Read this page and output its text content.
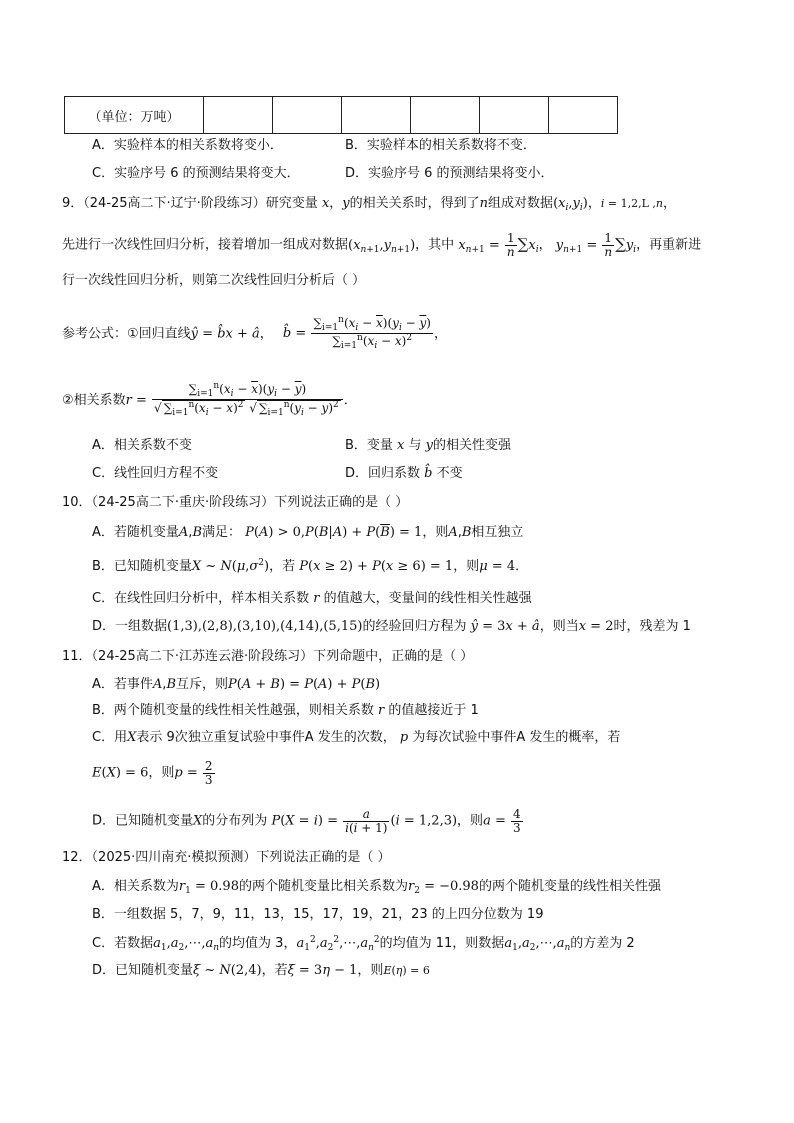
（单位：万吨）						
A．实验样本的相关系数将变小．	B．实验样本的相关系数将不变．
C．实验序号 6 的预测结果将变大．	D．实验序号 6 的预测结果将变小．
9．（24-25高二下·辽宁·阶段练习）研究变量 x，y的相关关系时，得到了n组成对数据$(x_i,y_i)$，i = 1,2,L ,n，
先进行一次线性回归分析，接着增加一组成对数据$(x_{n+1},y_{n+1})$，其中 $x_{n+1} = \frac{1}{n} \sum x_i$， $y_{n+1} = \frac{1}{n} \sum y_i$，再重新进
行一次线性回归分析，则第二次线性回归分析后（ ）
参考公式：①回归直线ŷ = b̂x + â， b̂ = $\frac{\sum_{i=1}^n(x_i - \overline{x})(y_i - \overline{y})}{\sum_{i=1}^n(x_i - \overline{x})^2}$ ，
②相关系数$r = \frac{\sum_{i=1}^n(x_i - \overline{x})(y_i - \overline{y})}{√ \sum_{i=1}^n(x_i - \overline{x})^2 √ \sum_{i=1}^n(y_i - \overline{y})^2}$ ．
A．相关系数不变	B．变量 x 与 y的相关性变强
C．线性回归方程不变	D．回归系数 b̂ 不变
10．（24-25高二下·重庆·阶段练习）下列说法正确的是（ ）
A．若随机变量A,B满足： $P(A) > 0,P(B|A) + P(\overline{B}) = 1$，则A,B相互独立
B．已知随机变量X ~ $N(\mu,\sigma^2)$，若 P(x ≥ 2) + P(x ≥ 6) = 1，则μ = 4．
C．在线性回归分析中，样本相关系数 r 的值越大，变量间的线性相关性越强
D．一组数据(1,3),(2,8),(3,10),(4,14),(5,15)的经验回归方程为 ŷ = 3x + â，则当x = 2时，残差为 1
11．（24-25高二下·江苏连云港·阶段练习）下列命题中，正确的是（ ）
A．若事件A,B互斥，则P(A + B) = P(A) + P(B)
B．两个随机变量的线性相关性越强，则相关系数 r 的值越接近于 1
C．用X表示 9次独立重复试验中事件A 发生的次数， p 为每次试验中事件A 发生的概率，若
E(X) = 6，则$p = \frac{2}{3}$
D．已知随机变量X的分布列为 $P(X = i) = \frac{a}{i(i + 1)} (i = 1,2,3)$，则$a = \frac{4}{3}$
12．（2025·四川南充·模拟预测）下列说法正确的是（ ）
A．相关系数为$r_1 = 0.98$的两个随机变量比相关系数为$r_2 = -0.98$的两个随机变量的线性相关性强
B．一组数据 5，7，9，11，13，15，17，19，21，23 的上四分位数为 19
C．若数据$a_1,a_2,\cdots,a_n$的均值为 3，$a_1^2,a_2^2,\cdots,a_n^2$的均值为 11，则数据$a_1,a_2,\cdots,a_n$的方差为 2
D．已知随机变量ξ ~ N(2,4)，若ξ = 3η − 1，则E(η) = 6
